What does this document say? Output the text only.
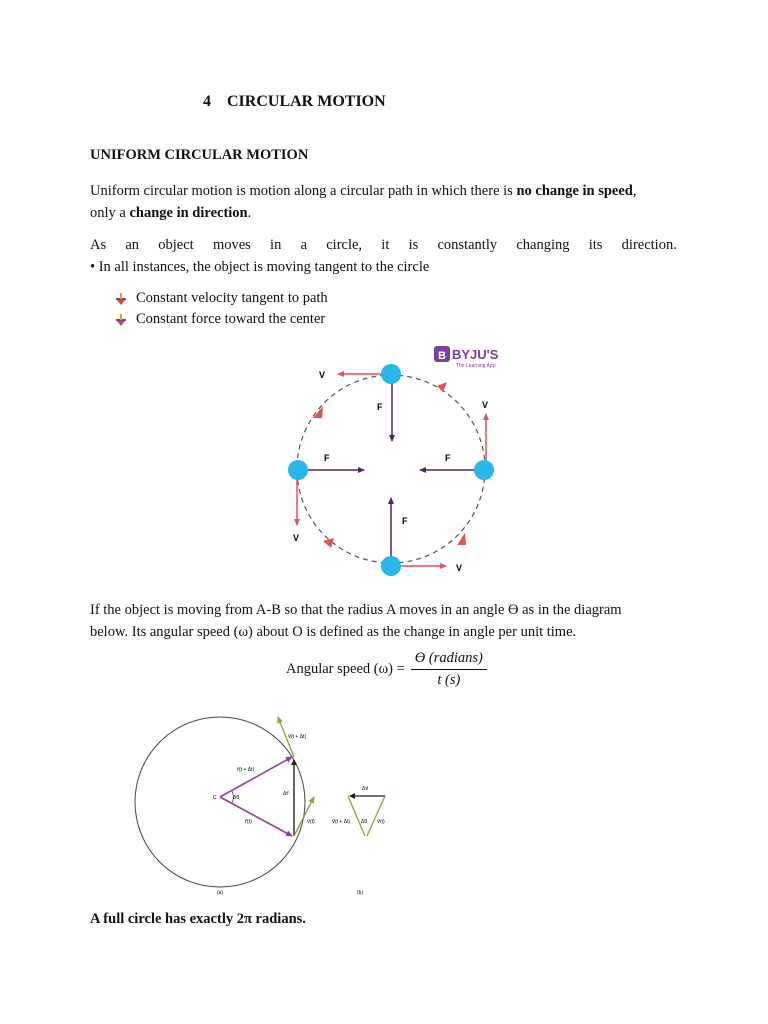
4 CIRCULAR MOTION
UNIFORM CIRCULAR MOTION
Uniform circular motion is motion along a circular path in which there is no change in speed,
only a change in direction.
As an object moves in a circle, it is constantly changing its direction.
• In all instances, the object is moving tangent to the circle
Constant velocity tangent to path
Constant force toward the center
V
V
V
V
F
F
F
F
B BYJU'S
The Learning App
If the object is moving from A-B so that the radius A moves in an angle ϴ as in the diagram
below. Its angular speed (ω) about O is defined as the change in angle per unit time.
Angular speed $(\omega) = \frac{\text{ϴ (radians)}}{t (s)}$
C	Δθ
v⃗(t + Δt)
r⃗(t + Δt)
Δr⃗
r⃗(t)	v⃗(t)
Δv⃗
v⃗(t + Δt) Δθ v⃗(t)
(a)	(b)
A full circle has exactly 2π radians.
